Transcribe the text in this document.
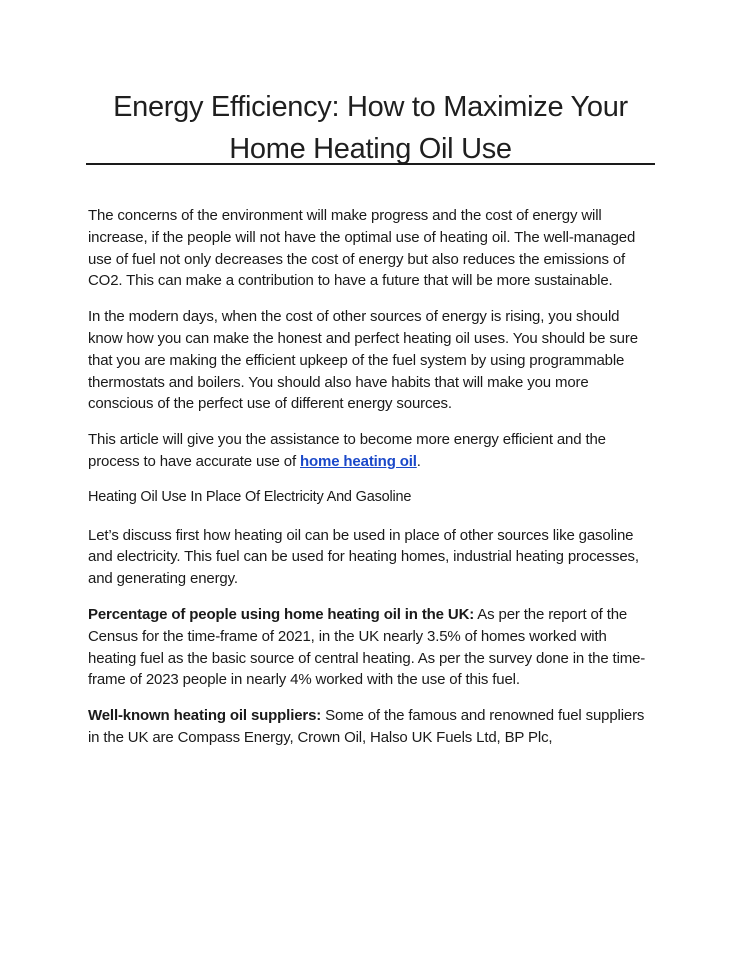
Energy Efficiency: How to Maximize Your Home Heating Oil Use

The concerns of the environment will make progress and the cost of energy will increase, if the people will not have the optimal use of heating oil. The well-managed use of fuel not only decreases the cost of energy but also reduces the emissions of CO2. This can make a contribution to have a future that will be more sustainable.

In the modern days, when the cost of other sources of energy is rising, you should know how you can make the honest and perfect heating oil uses. You should be sure that you are making the efficient upkeep of the fuel system by using programmable thermostats and boilers. You should also have habits that will make you more conscious of the perfect use of different energy sources.

This article will give you the assistance to become more energy efficient and the process to have accurate use of home heating oil.

Heating Oil Use In Place Of Electricity And Gasoline

Let’s discuss first how heating oil can be used in place of other sources like gasoline and electricity. This fuel can be used for heating homes, industrial heating processes, and generating energy.

Percentage of people using home heating oil in the UK: As per the report of the Census for the time-frame of 2021, in the UK nearly 3.5% of homes worked with heating fuel as the basic source of central heating. As per the survey done in the time-frame of 2023 people in nearly 4% worked with the use of this fuel.

Well-known heating oil suppliers: Some of the famous and renowned fuel suppliers in the UK are Compass Energy, Crown Oil, Halso UK Fuels Ltd, BP Plc,
